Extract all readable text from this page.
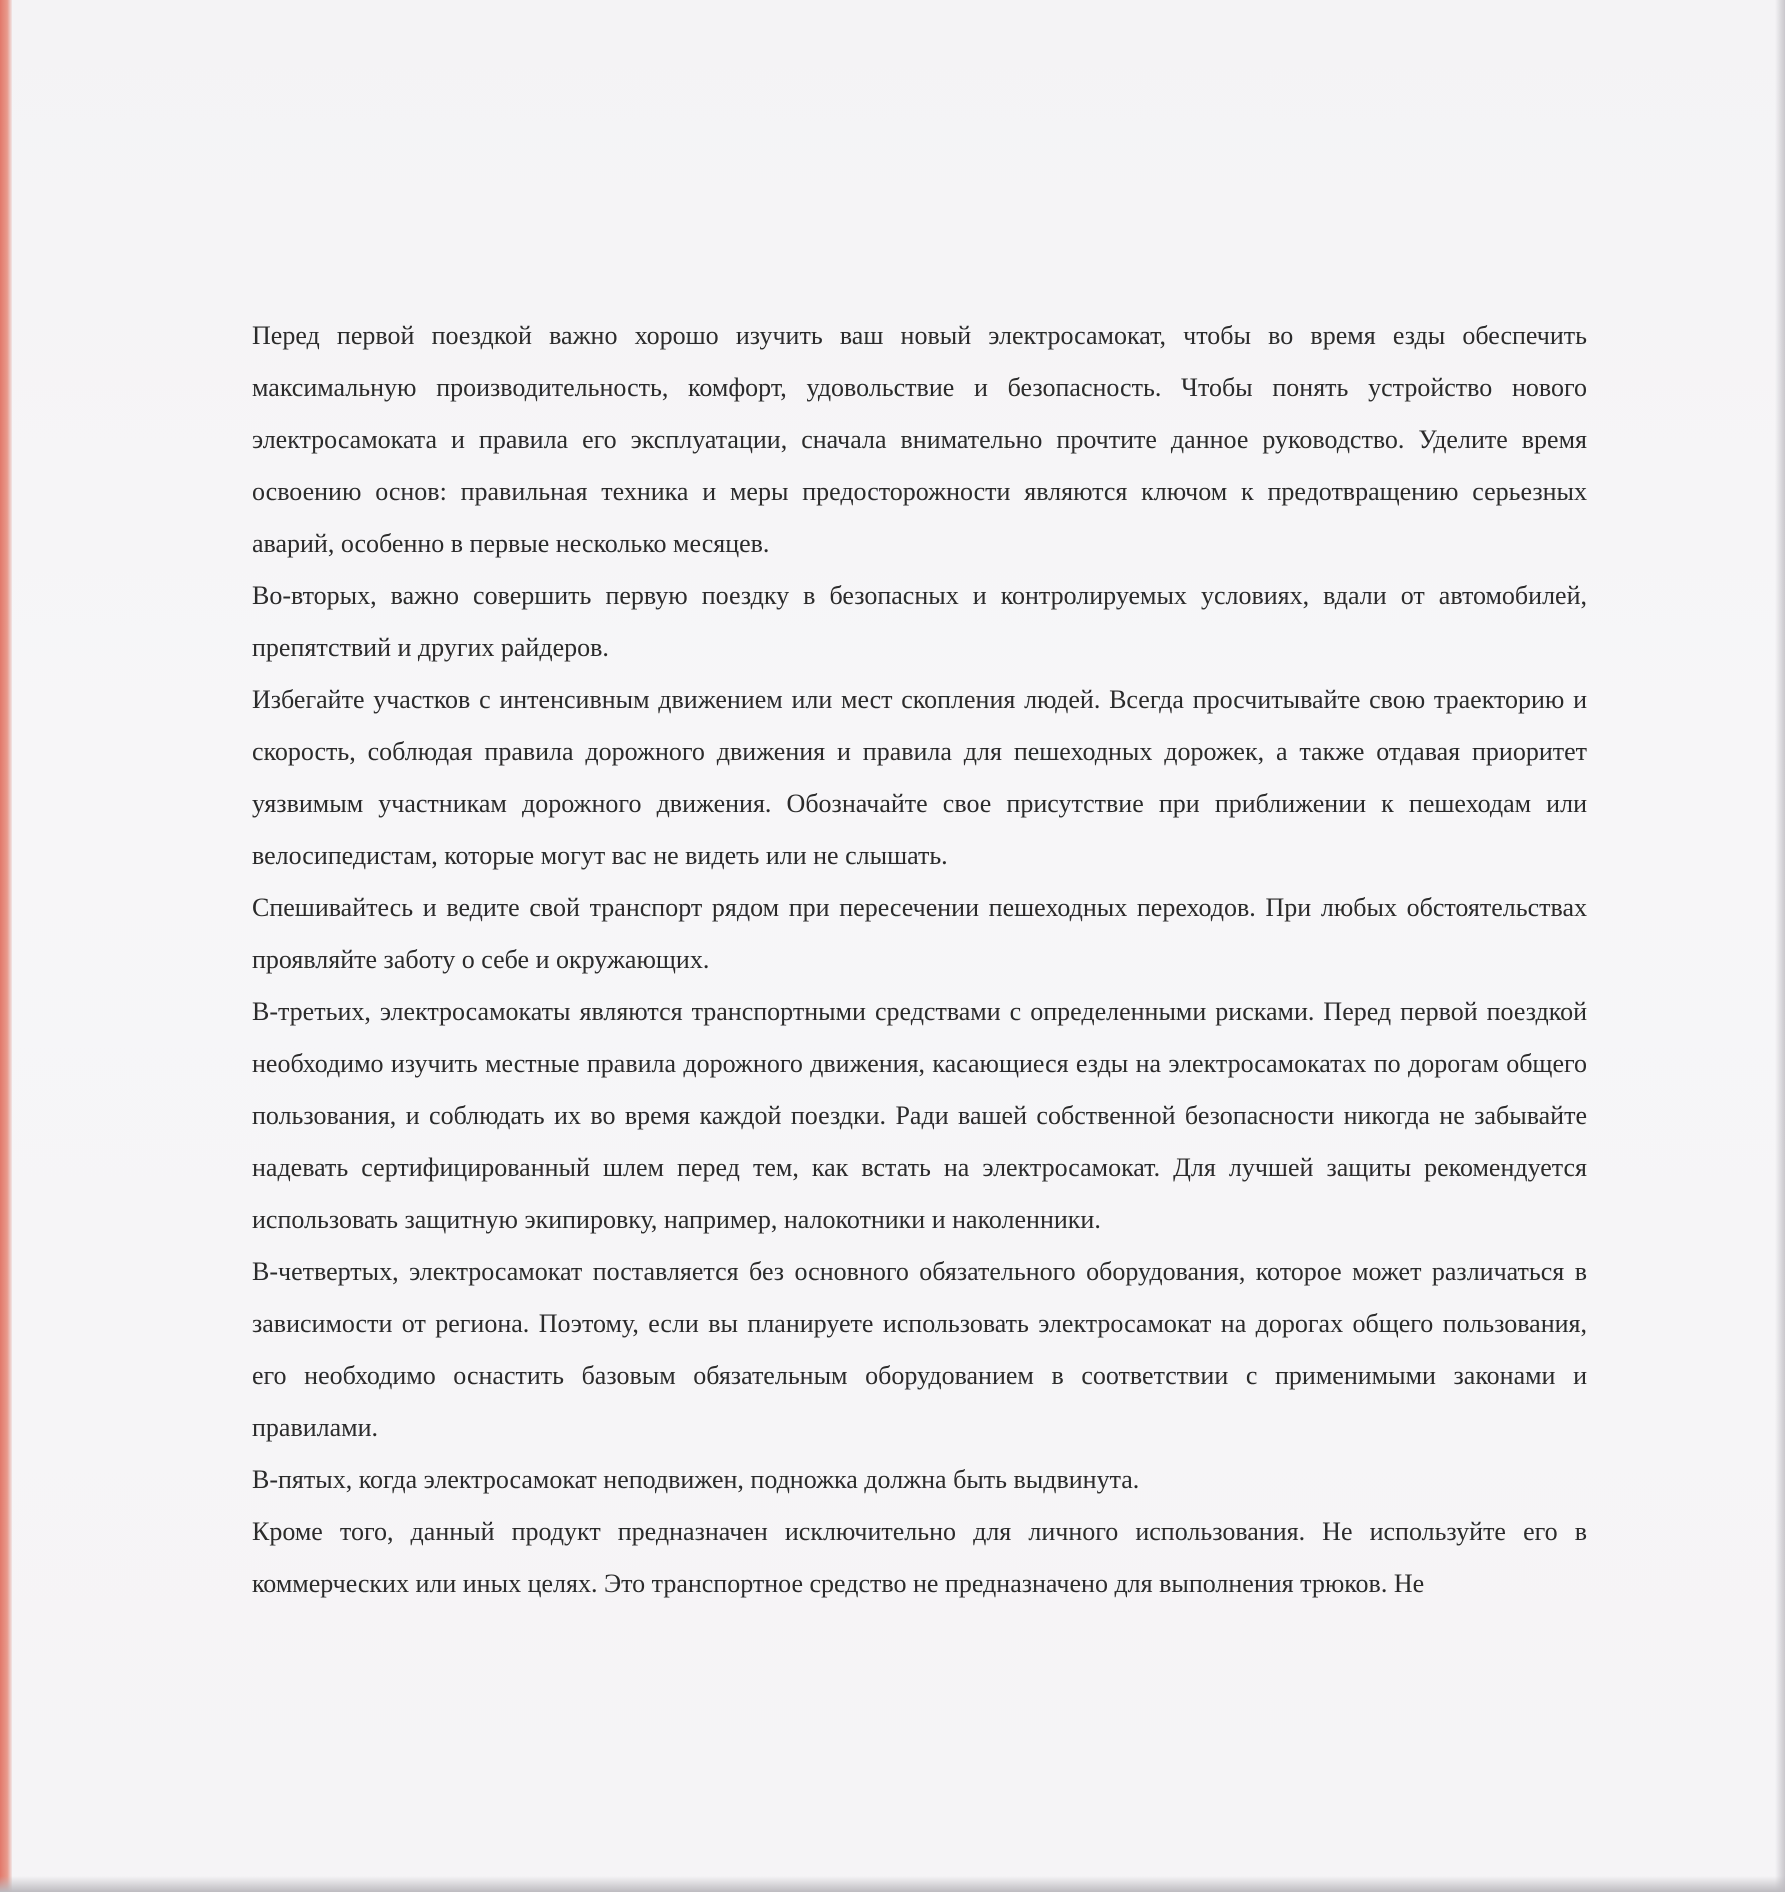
Перед первой поездкой важно хорошо изучить ваш новый электросамокат, чтобы во время езды обеспечить максимальную производительность, комфорт, удовольствие и безопасность. Чтобы понять устройство нового электросамоката и правила его эксплуатации, сначала внимательно прочтите данное руководство. Уделите время освоению основ: правильная техника и меры предосторожности являются ключом к предотвращению серьезных аварий, особенно в первые несколько месяцев.

Во-вторых, важно совершить первую поездку в безопасных и контролируемых условиях, вдали от автомобилей, препятствий и других райдеров.

Избегайте участков с интенсивным движением или мест скопления людей. Всегда просчитывайте свою траекторию и скорость, соблюдая правила дорожного движения и правила для пешеходных дорожек, а также отдавая приоритет уязвимым участникам дорожного движения. Обозначайте свое присутствие при приближении к пешеходам или велосипедистам, которые могут вас не видеть или не слышать.

Спешивайтесь и ведите свой транспорт рядом при пересечении пешеходных переходов. При любых обстоятельствах проявляйте заботу о себе и окружающих.

В-третьих, электросамокаты являются транспортными средствами с определенными рисками. Перед первой поездкой необходимо изучить местные правила дорожного движения, касающиеся езды на электросамокатах по дорогам общего пользования, и соблюдать их во время каждой поездки. Ради вашей собственной безопасности никогда не забывайте надевать сертифицированный шлем перед тем, как встать на электросамокат. Для лучшей защиты рекомендуется использовать защитную экипировку, например, налокотники и наколенники.

В-четвертых, электросамокат поставляется без основного обязательного оборудования, которое может различаться в зависимости от региона. Поэтому, если вы планируете использовать электросамокат на дорогах общего пользования, его необходимо оснастить базовым обязательным оборудованием в соответствии с применимыми законами и правилами.

В-пятых, когда электросамокат неподвижен, подножка должна быть выдвинута.

Кроме того, данный продукт предназначен исключительно для личного использования. Не используйте его в коммерческих или иных целях. Это транспортное средство не предназначено для выполнения трюков. Не
